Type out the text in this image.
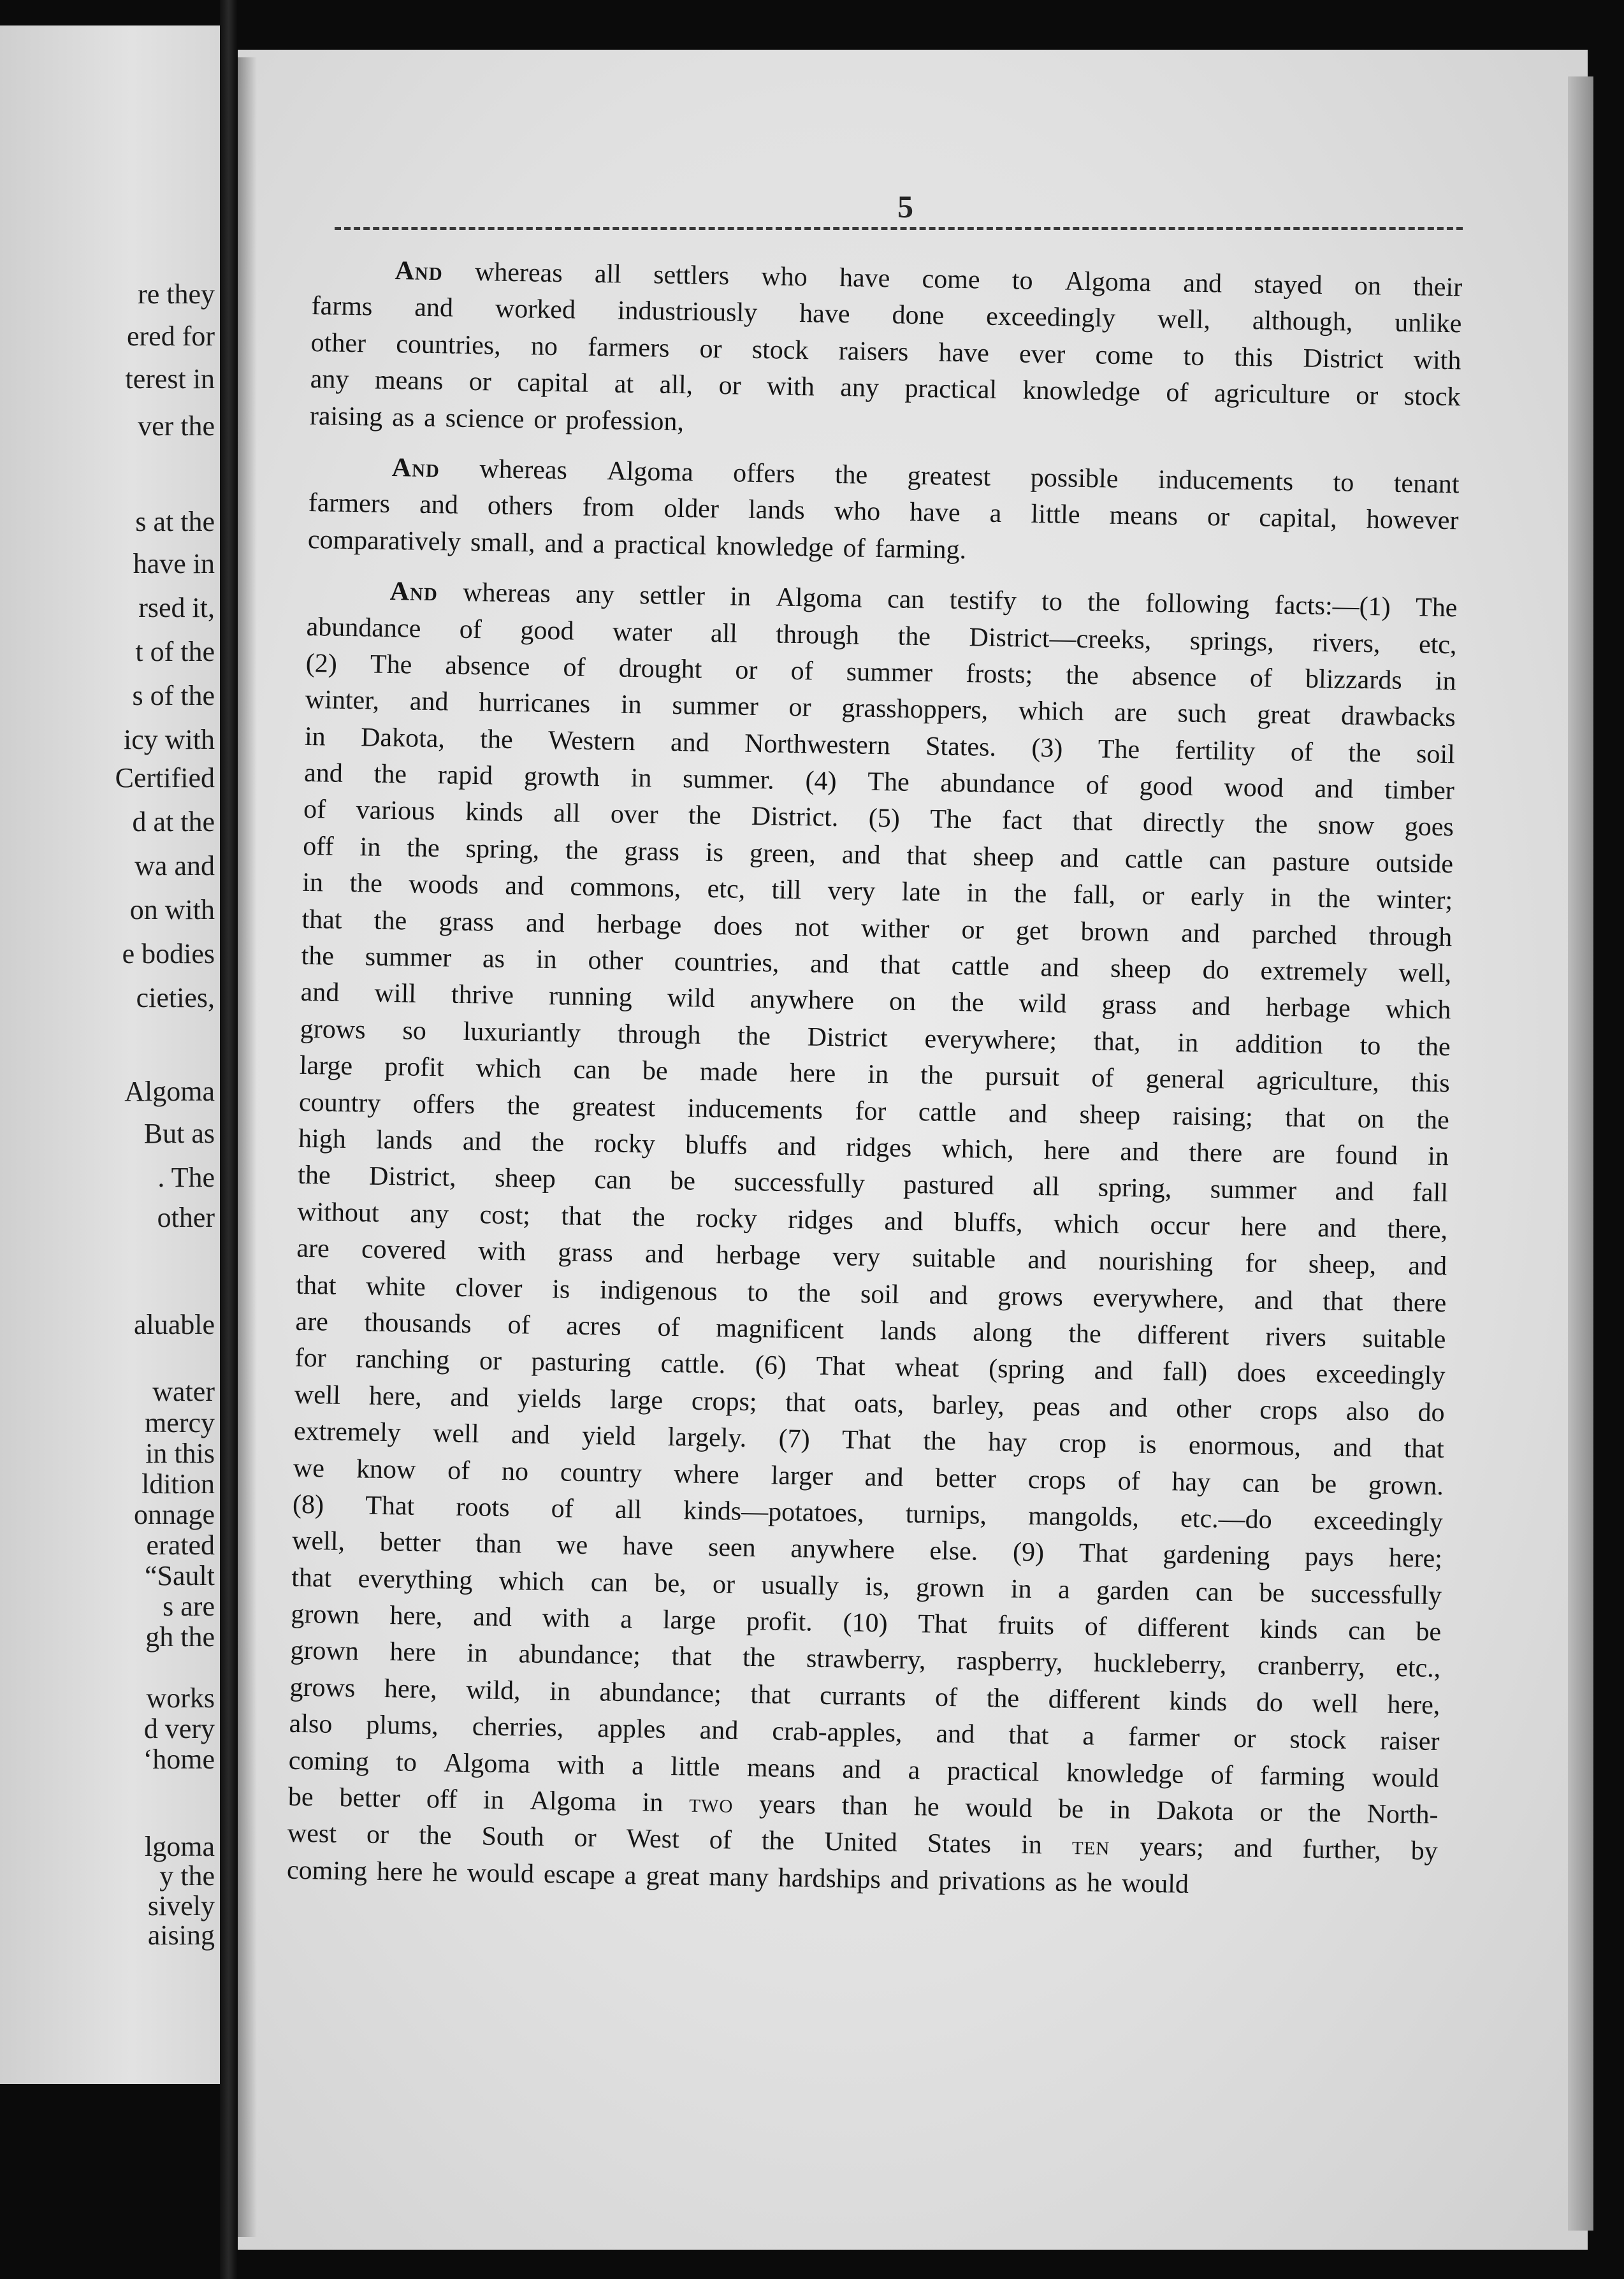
re they
ered for
terest in
ver the
s at the
have in
rsed it,
t of the
s of the
icy with
Certified
d at the
wa and
on with
e bodies
cieties,
Algoma
But as
. The
other
aluable
water
mercy
in this
ldition
onnage
erated
“Sault
s are
gh the
works
d very
‘home
lgoma
y the
sively
aising
5
And whereas all settlers who have come to Algoma and stayed on their
farms and worked industriously have done exceedingly well, although, unlike
other countries, no farmers or stock raisers have ever come to this District with
any means or capital at all, or with any practical knowledge of agriculture or stock
raising as a science or profession,
And whereas Algoma offers the greatest possible inducements to tenant
farmers and others from older lands who have a little means or capital, however
comparatively small, and a practical knowledge of farming.
And whereas any settler in Algoma can testify to the following facts:—(1) The
abundance of good water all through the District—creeks, springs, rivers, etc,
(2) The absence of drought or of summer frosts; the absence of blizzards in
winter, and hurricanes in summer or grasshoppers, which are such great drawbacks
in Dakota, the Western and Northwestern States. (3) The fertility of the soil
and the rapid growth in summer. (4) The abundance of good wood and timber
of various kinds all over the District. (5) The fact that directly the snow goes
off in the spring, the grass is green, and that sheep and cattle can pasture outside
in the woods and commons, etc, till very late in the fall, or early in the winter;
that the grass and herbage does not wither or get brown and parched through
the summer as in other countries, and that cattle and sheep do extremely well,
and will thrive running wild anywhere on the wild grass and herbage which
grows so luxuriantly through the District everywhere; that, in addition to the
large profit which can be made here in the pursuit of general agriculture, this
country offers the greatest inducements for cattle and sheep raising; that on the
high lands and the rocky bluffs and ridges which, here and there are found in
the District, sheep can be successfully pastured all spring, summer and fall
without any cost; that the rocky ridges and bluffs, which occur here and there,
are covered with grass and herbage very suitable and nourishing for sheep, and
that white clover is indigenous to the soil and grows everywhere, and that there
are thousands of acres of magnificent lands along the different rivers suitable
for ranching or pasturing cattle. (6) That wheat (spring and fall) does exceedingly
well here, and yields large crops; that oats, barley, peas and other crops also do
extremely well and yield largely. (7) That the hay crop is enormous, and that
we know of no country where larger and better crops of hay can be grown.
(8) That roots of all kinds—potatoes, turnips, mangolds, etc.—do exceedingly
well, better than we have seen anywhere else. (9) That gardening pays here;
that everything which can be, or usually is, grown in a garden can be successfully
grown here, and with a large profit. (10) That fruits of different kinds can be
grown here in abundance; that the strawberry, raspberry, huckleberry, cranberry, etc.,
grows here, wild, in abundance; that currants of the different kinds do well here,
also plums, cherries, apples and crab-apples, and that a farmer or stock raiser
coming to Algoma with a little means and a practical knowledge of farming would
be better off in Algoma in two years than he would be in Dakota or the North-
west or the South or West of the United States in ten years; and further, by
coming here he would escape a great many hardships and privations as he would
